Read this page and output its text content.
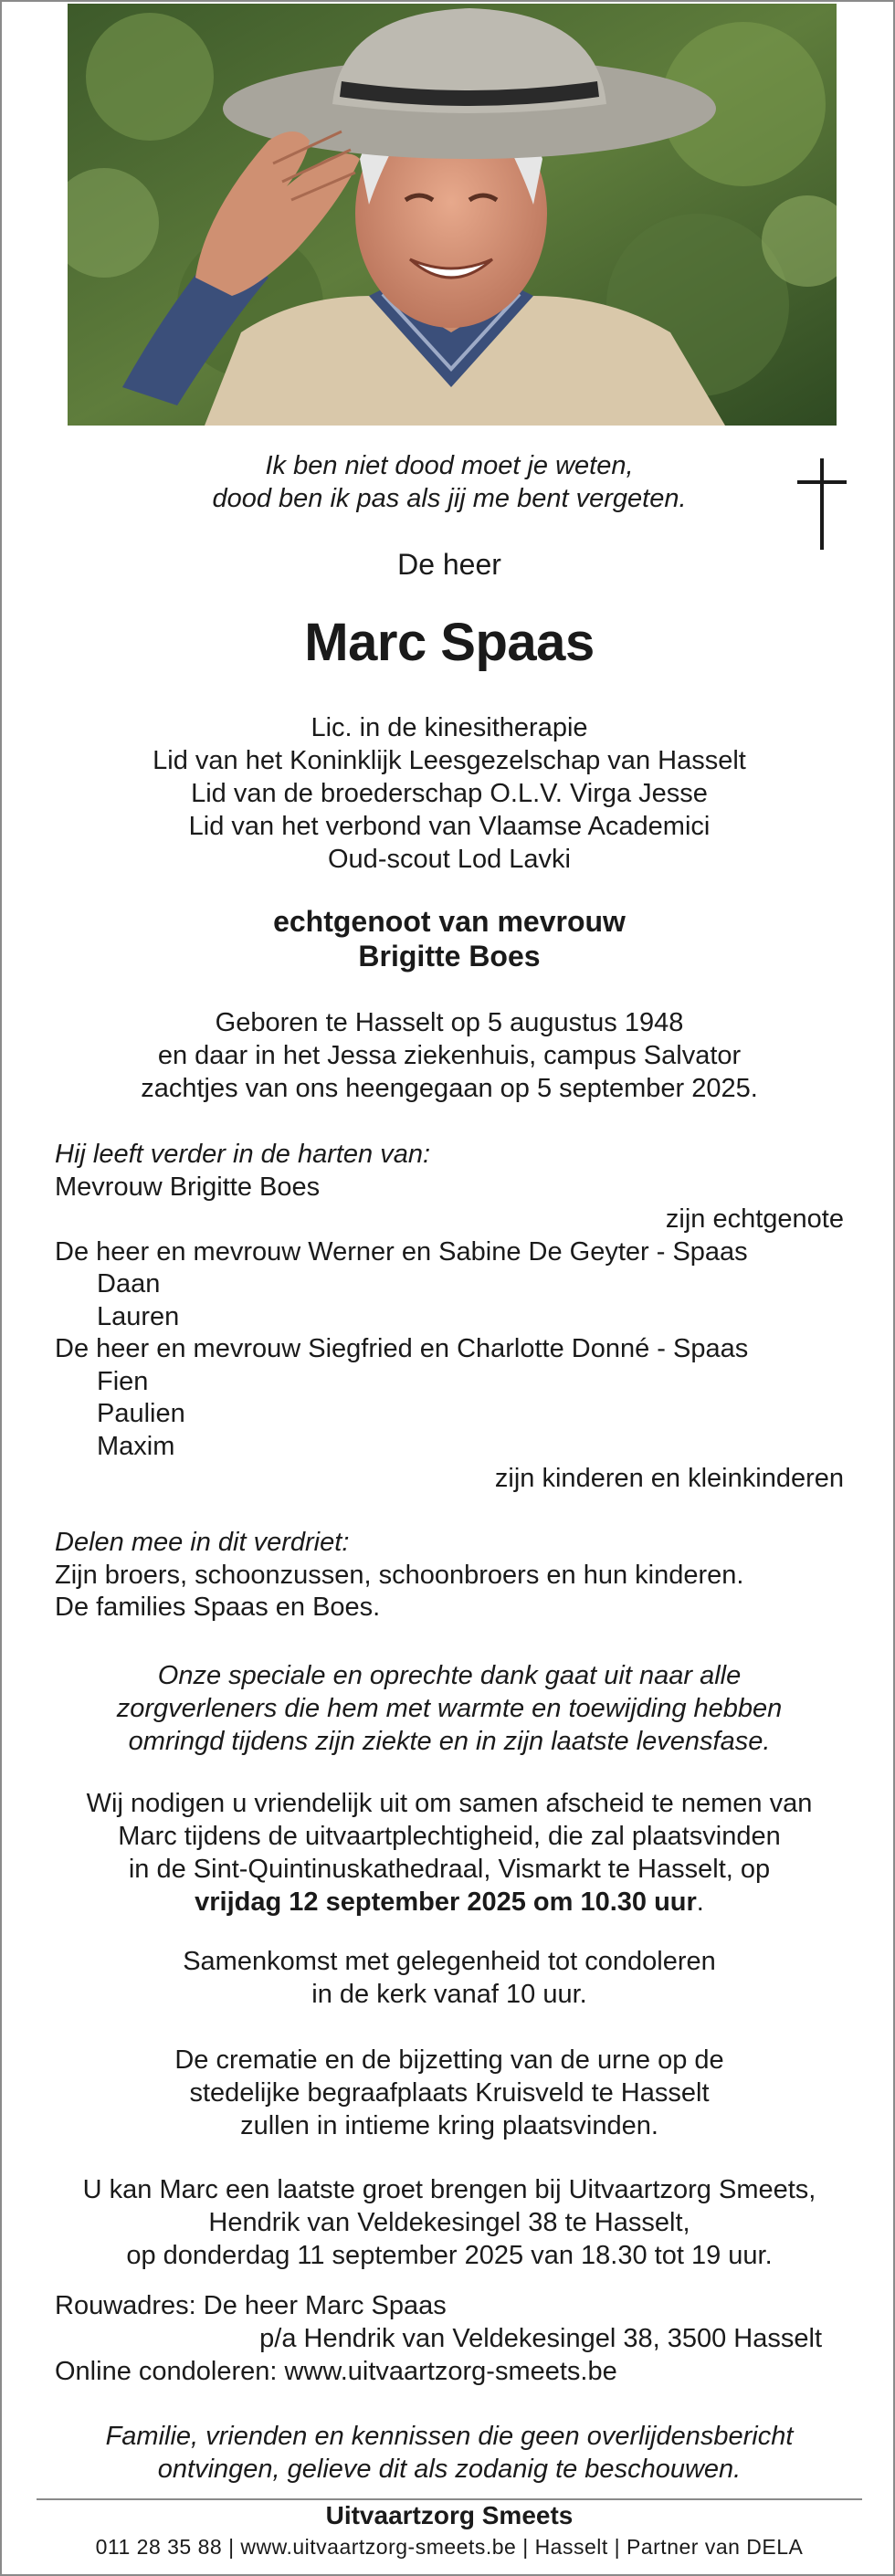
Ik ben niet dood moet je weten,

dood ben ik pas als jij me bent vergeten.

De heer
Marc Spaas

Lic. in de kinesitherapie

Lid van het Koninklijk Leesgezelschap van Hasselt

Lid van de broederschap O.L.V. Virga Jesse

Lid van het verbond van Vlaamse Academici

Oud-scout Lod Lavki

echtgenoot van mevrouw
Brigitte Boes

Geboren te Hasselt op 5 augustus 1948

en daar in het Jessa ziekenhuis, campus Salvator

zachtjes van ons heengegaan op 5 september 2025.

Hij leeft verder in de harten van:
Mevrouw Brigitte Boes
zijn echtgenote
De heer en mevrouw Werner en Sabine De Geyter - Spaas
Daan
Lauren
De heer en mevrouw Siegfried en Charlotte Donné - Spaas
Fien
Paulien
Maxim
zijn kinderen en kleinkinderen
Delen mee in dit verdriet:
Zijn broers, schoonzussen, schoonbroers en hun kinderen.
De families Spaas en Boes.

Onze speciale en oprechte dank gaat uit naar alle

zorgverleners die hem met warmte en toewijding hebben

omringd tijdens zijn ziekte en in zijn laatste levensfase.

Wij nodigen u vriendelijk uit om samen afscheid te nemen van

Marc tijdens de uitvaartplechtigheid, die zal plaatsvinden

in de Sint-Quintinuskathedraal, Vismarkt te Hasselt, op

vrijdag 12 september 2025 om 10.30 uur.

Samenkomst met gelegenheid tot condoleren

in de kerk vanaf 10 uur.

De crematie en de bijzetting van de urne op de

stedelijke begraafplaats Kruisveld te Hasselt

zullen in intieme kring plaatsvinden.

U kan Marc een laatste groet brengen bij Uitvaartzorg Smeets,

Hendrik van Veldekesingel 38 te Hasselt,

op donderdag 11 september 2025 van 18.30 tot 19 uur.

Rouwadres: De heer Marc Spaas
p/a Hendrik van Veldekesingel 38, 3500 Hasselt
Online condoleren: www.uitvaartzorg-smeets.be

Familie, vrienden en kennissen die geen overlijdensbericht

ontvingen, gelieve dit als zodanig te beschouwen.

Uitvaartzorg Smeets
011 28 35 88 | www.uitvaartzorg-smeets.be | Hasselt | Partner van DELA
